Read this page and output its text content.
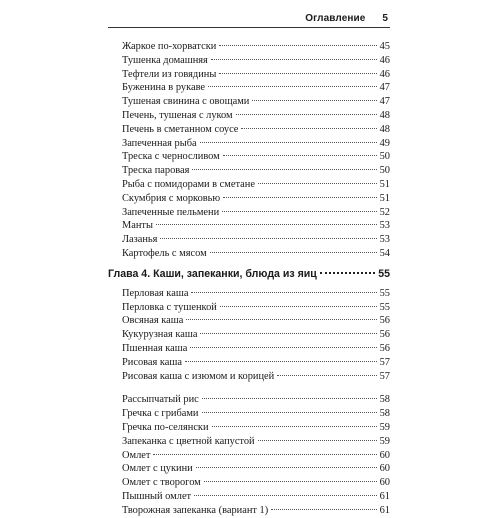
Оглавление 5
Жаркое по-хорватски	45
Тушенка домашняя	46
Тефтели из говядины	46
Буженина в рукаве	47
Тушеная свинина с овощами	47
Печень, тушеная с луком	48
Печень в сметанном соусе	48
Запеченная рыба	49
Треска с черносливом	50
Треска паровая	50
Рыба с помидорами в сметане	51
Скумбрия с морковью	51
Запеченные пельмени	52
Манты	53
Лазанья	53
Картофель с мясом	54
Глава 4. Каши, запеканки, блюда из яиц	55
Перловая каша	55
Перловка с тушенкой	55
Овсяная каша	56
Кукурузная каша	56
Пшенная каша	56
Рисовая каша	57
Рисовая каша с изюмом и корицей	57
Рассыпчатый рис	58
Гречка с грибами	58
Гречка по-селянски	59
Запеканка с цветной капустой	59
Омлет	60
Омлет с цукини	60
Омлет с творогом	60
Пышный омлет	61
Творожная запеканка (вариант 1)	61
